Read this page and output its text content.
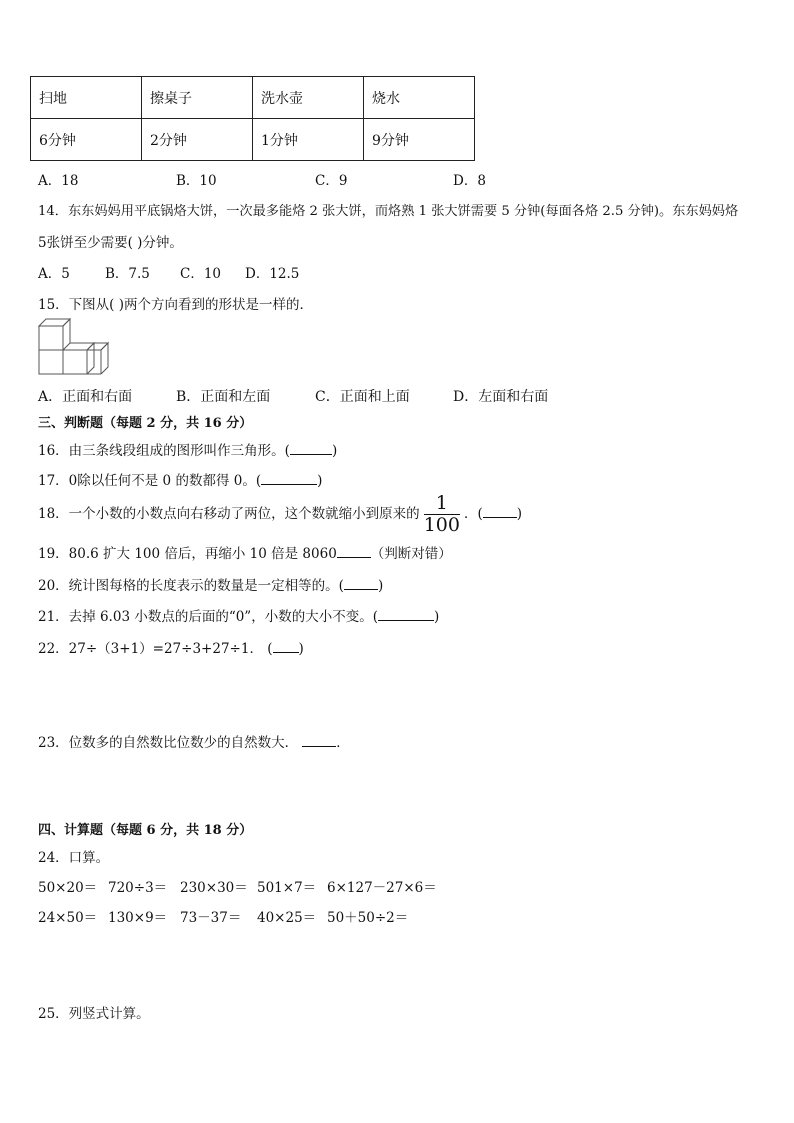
扫地	擦桌子	洗水壶	烧水
6分钟	2分钟	1分钟	9分钟
A．18	B．10	C．9	D．8
14．东东妈妈用平底锅烙大饼，一次最多能烙 2 张大饼，而烙熟 1 张大饼需要 5 分钟(每面各烙 2.5 分钟)。东东妈妈烙
5张饼至少需要( )分钟。
A．5	B．7.5 C．10 D．12.5
15．下图从( )两个方向看到的形状是一样的．
A．正面和右面	B．正面和左面	C．正面和上面	D．左面和右面
三、判断题（每题 2 分，共 16 分）
16．由三条线段组成的图形叫作三角形。(	)
17．0除以任何不是 0 的数都得 0。(	)
18．一个小数的小数点向右移动了两位，这个数就缩小到原来的 $\frac{1}{100}$ ．(	)
19．80.6 扩大 100 倍后，再缩小 10 倍是 8060	（判断对错）
20．统计图每格的长度表示的数量是一定相等的。(	)
21．去掉 6.03 小数点的后面的“0”，小数的大小不变。(	)
22．27÷（3+1）=27÷3+27÷1． ( )
23．位数多的自然数比位数少的自然数大．	．
四、计算题（每题 6 分，共 18 分）
24．口算。
50×20＝ 720÷3＝ 230×30＝ 501×7＝ 6×127－27×6＝
24×50＝ 130×9＝ 73－37＝ 40×25＝ 50＋50÷2＝
25．列竖式计算。
